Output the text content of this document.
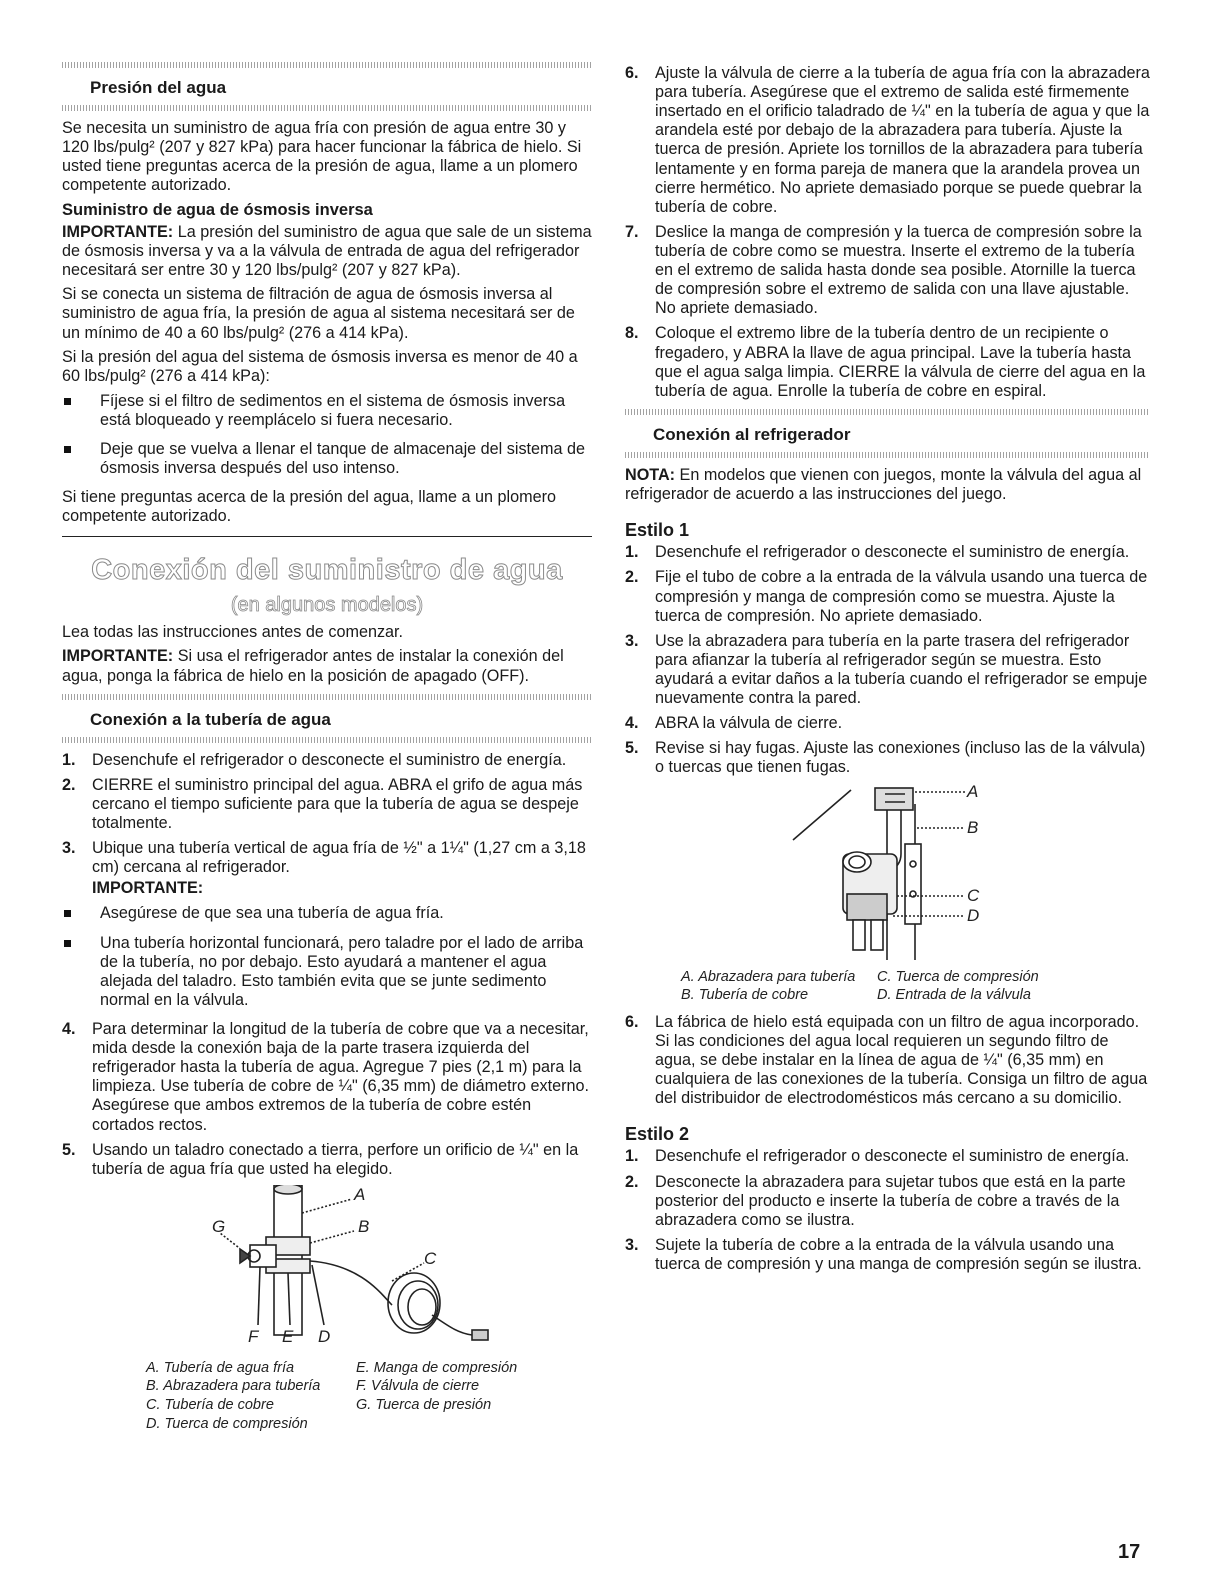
Presión del agua

Se necesita un suministro de agua fría con presión de agua entre 30 y 120 lbs/pulg² (207 y 827 kPa) para hacer funcionar la fábrica de hielo. Si usted tiene preguntas acerca de la presión de agua, llame a un plomero competente autorizado.

Suministro de agua de ósmosis inversa

IMPORTANTE: La presión del suministro de agua que sale de un sistema de ósmosis inversa y va a la válvula de entrada de agua del refrigerador necesitará ser entre 30 y 120 lbs/pulg² (207 y 827 kPa).

Si se conecta un sistema de filtración de agua de ósmosis inversa al suministro de agua fría, la presión de agua al sistema necesitará ser de un mínimo de 40 a 60 lbs/pulg² (276 a 414 kPa).

Si la presión del agua del sistema de ósmosis inversa es menor de 40 a 60 lbs/pulg² (276 a 414 kPa):

Fíjese si el filtro de sedimentos en el sistema de ósmosis inversa está bloqueado y reemplácelo si fuera necesario.
Deje que se vuelva a llenar el tanque de almacenaje del sistema de ósmosis inversa después del uso intenso.

Si tiene preguntas acerca de la presión del agua, llame a un plomero competente autorizado.

Conexión del suministro de agua
(en algunos modelos)

Lea todas las instrucciones antes de comenzar.

IMPORTANTE: Si usa el refrigerador antes de instalar la conexión del agua, ponga la fábrica de hielo en la posición de apagado (OFF).

Conexión a la tubería de agua
1. Desenchufe el refrigerador o desconecte el suministro de energía.
2. CIERRE el suministro principal del agua. ABRA el grifo de agua más cercano el tiempo suficiente para que la tubería de agua se despeje totalmente.
3. Ubique una tubería vertical de agua fría de ½" a 1¼" (1,27 cm a 3,18 cm) cercana al refrigerador.
IMPORTANTE:
Asegúrese de que sea una tubería de agua fría.
Una tubería horizontal funcionará, pero taladre por el lado de arriba de la tubería, no por debajo. Esto ayudará a mantener el agua alejada del taladro. Esto también evita que se junte sedimento normal en la válvula.
4. Para determinar la longitud de la tubería de cobre que va a necesitar, mida desde la conexión baja de la parte trasera izquierda del refrigerador hasta la tubería de agua. Agregue 7 pies (2,1 m) para la limpieza. Use tubería de cobre de ¼" (6,35 mm) de diámetro externo. Asegúrese que ambos extremos de la tubería de cobre estén cortados rectos.
5. Usando un taladro conectado a tierra, perfore un orificio de ¼" en la tubería de agua fría que usted ha elegido.
A
B
C
G
F E D
A. Tubería de agua fría
B. Abrazadera para tubería
C. Tubería de cobre
D. Tuerca de compresión
E. Manga de compresión
F. Válvula de cierre
G. Tuerca de presión
6. Ajuste la válvula de cierre a la tubería de agua fría con la abrazadera para tubería. Asegúrese que el extremo de salida esté firmemente insertado en el orificio taladrado de ¼" en la tubería de agua y que la arandela esté por debajo de la abrazadera para tubería. Ajuste la tuerca de presión. Apriete los tornillos de la abrazadera para tubería lentamente y en forma pareja de manera que la arandela provea un cierre hermético. No apriete demasiado porque se puede quebrar la tubería de cobre.
7. Deslice la manga de compresión y la tuerca de compresión sobre la tubería de cobre como se muestra. Inserte el extremo de la tubería en el extremo de salida hasta donde sea posible. Atornille la tuerca de compresión sobre el extremo de salida con una llave ajustable. No apriete demasiado.
8. Coloque el extremo libre de la tubería dentro de un recipiente o fregadero, y ABRA la llave de agua principal. Lave la tubería hasta que el agua salga limpia. CIERRE la válvula de cierre del agua en la tubería de agua. Enrolle la tubería de cobre en espiral.
Conexión al refrigerador

NOTA: En modelos que vienen con juegos, monte la válvula del agua al refrigerador de acuerdo a las instrucciones del juego.

Estilo 1
1. Desenchufe el refrigerador o desconecte el suministro de energía.
2. Fije el tubo de cobre a la entrada de la válvula usando una tuerca de compresión y manga de compresión como se muestra. Ajuste la tuerca de compresión. No apriete demasiado.
3. Use la abrazadera para tubería en la parte trasera del refrigerador para afianzar la tubería al refrigerador según se muestra. Esto ayudará a evitar daños a la tubería cuando el refrigerador se empuje nuevamente contra la pared.
4. ABRA la válvula de cierre.
5. Revise si hay fugas. Ajuste las conexiones (incluso las de la válvula) o tuercas que tienen fugas.
A
B
C
D
A. Abrazadera para tubería
B. Tubería de cobre
C. Tuerca de compresión
D. Entrada de la válvula
6. La fábrica de hielo está equipada con un filtro de agua incorporado. Si las condiciones del agua local requieren un segundo filtro de agua, se debe instalar en la línea de agua de ¼" (6,35 mm) en cualquiera de las conexiones de la tubería. Consiga un filtro de agua del distribuidor de electrodomésticos más cercano a su domicilio.
Estilo 2
1. Desenchufe el refrigerador o desconecte el suministro de energía.
2. Desconecte la abrazadera para sujetar tubos que está en la parte posterior del producto e inserte la tubería de cobre a través de la abrazadera como se ilustra.
3. Sujete la tubería de cobre a la entrada de la válvula usando una tuerca de compresión y una manga de compresión según se ilustra.
17
